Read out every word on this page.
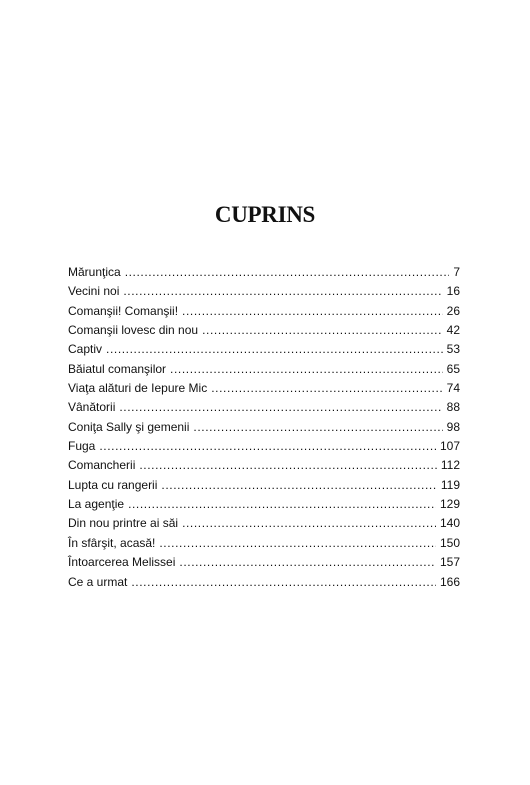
CUPRINS
Mărunţica .....	7
Vecini noi .....	16
Comanşii! Comanşii! .....	26
Comanşii lovesc din nou .....	42
Captiv .....	53
Băiatul comanşilor .....	65
Viaţa alături de Iepure Mic .....	74
Vânătorii .....	88
Coniţa Sally şi gemenii .....	98
Fuga .....	107
Comancherii .....	112
Lupta cu rangerii .....	119
La agenţie .....	129
Din nou printre ai săi .....	140
În sfârşit, acasă! .....	150
Întoarcerea Melissei .....	157
Ce a urmat .....	166
